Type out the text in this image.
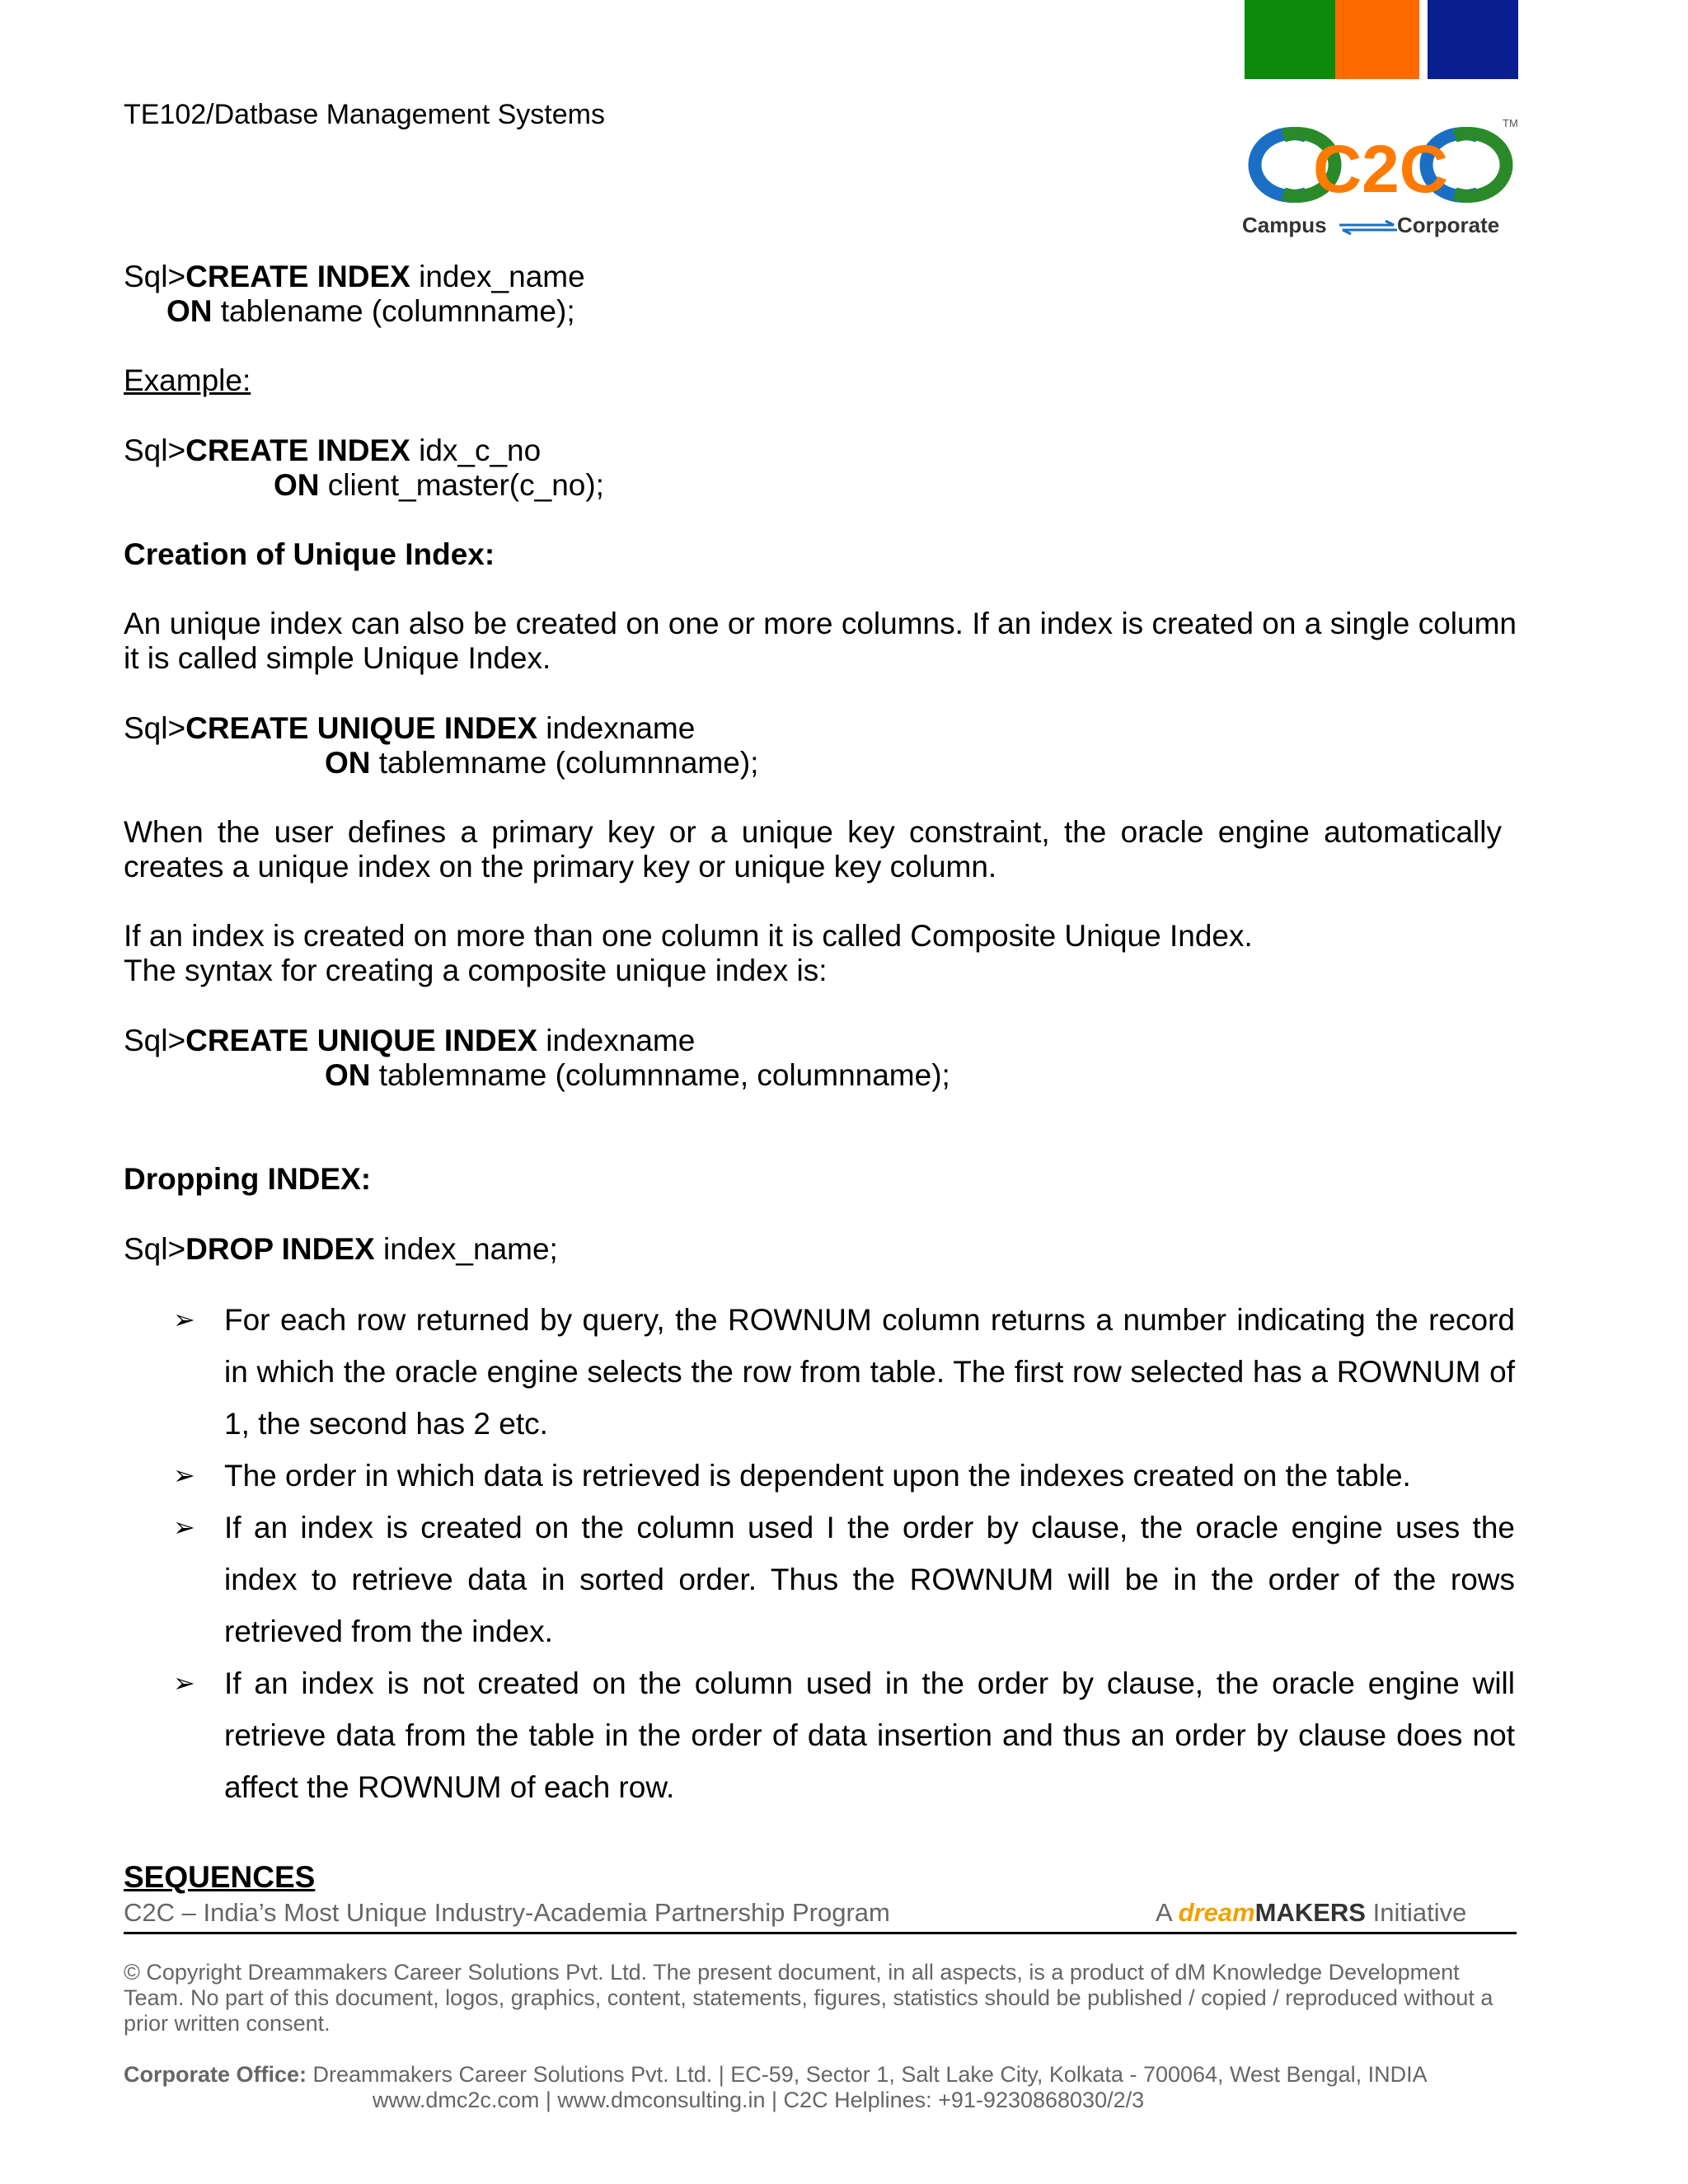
TE102/Datbase Management Systems
C2C
TM
Campus	Corporate
Sql>CREATE INDEX index_name
ON tablename (columnname);
Example:
Sql>CREATE INDEX idx_c_no
ON client_master(c_no);
Creation of Unique Index:
An unique index can also be created on one or more columns. If an index is created on a single column it is called simple Unique Index.
Sql>CREATE UNIQUE INDEX indexname
ON tablemname (columnname);
When the user defines a primary key or a unique key constraint, the oracle engine automatically creates a unique index on the primary key or unique key column.
If an index is created on more than one column it is called Composite Unique Index.
The syntax for creating a composite unique index is:
Sql>CREATE UNIQUE INDEX indexname
ON tablemname (columnname, columnname);
Dropping INDEX:
Sql>DROP INDEX index_name;
➢ For each row returned by query, the ROWNUM column returns a number indicating the record in which the oracle engine selects the row from table. The first row selected has a ROWNUM of 1, the second has 2 etc.
➢ The order in which data is retrieved is dependent upon the indexes created on the table.
➢ If an index is created on the column used I the order by clause, the oracle engine uses the index to retrieve data in sorted order. Thus the ROWNUM will be in the order of the rows retrieved from the index.
➢ If an index is not created on the column used in the order by clause, the oracle engine will retrieve data from the table in the order of data insertion and thus an order by clause does not affect the ROWNUM of each row.
SEQUENCES
C2C – India’s Most Unique Industry-Academia Partnership Program	A dreamMAKERS Initiative
© Copyright Dreammakers Career Solutions Pvt. Ltd. The present document, in all aspects, is a product of dM Knowledge Development Team. No part of this document, logos, graphics, content, statements, figures, statistics should be published / copied / reproduced without a prior written consent.
Corporate Office: Dreammakers Career Solutions Pvt. Ltd. | EC-59, Sector 1, Salt Lake City, Kolkata - 700064, West Bengal, INDIA
www.dmc2c.com | www.dmconsulting.in | C2C Helplines: +91-9230868030/2/3
